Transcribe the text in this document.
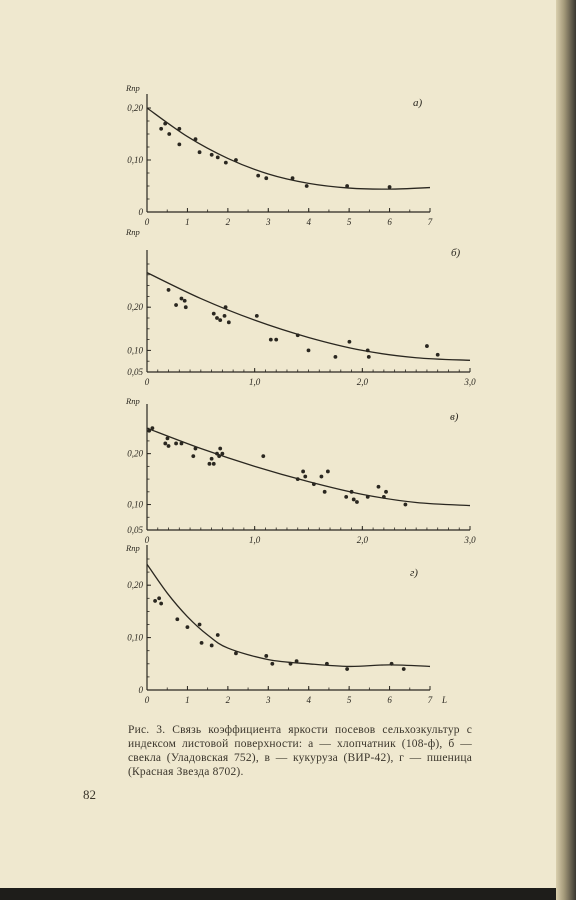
0	1	2	3	4	5	6	7
0
0,10
0,20
Rпр
а)
0	1,0	2,0	3,0
0,05
0,10
0,20
Rпр
б)
0	1,0	2,0	3,0
0,05
0,10
0,20
Rпр
в)
0	1	2	3	4	5	6	7
0
0,10
0,20
Rпр
L
г)
Рис. 3. Связь коэффициента яркости посевов сельхозкультур с индексом листовой поверхности: а — хлопчатник (108-ф), б — свекла (Уладовская 752), в — кукуруза (ВИР-42), г — пшеница (Красная Звезда 8702).
82
